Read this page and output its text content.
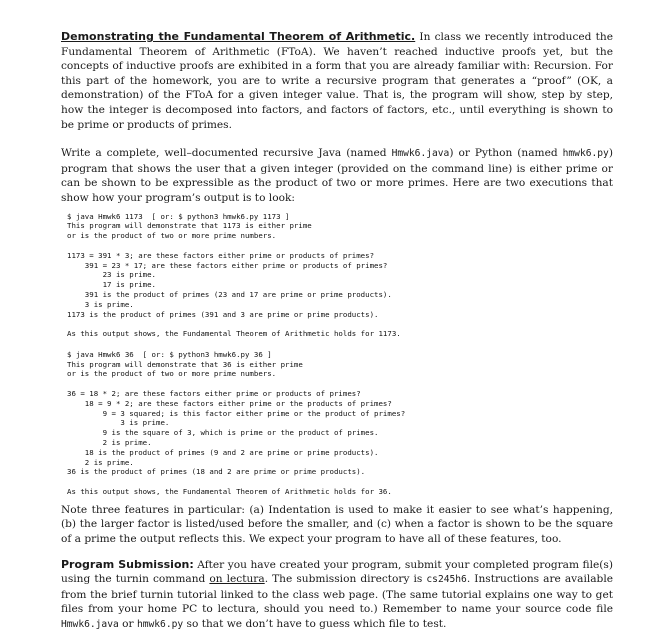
Demonstrating the Fundamental Theorem of Arithmetic. In class we recently introduced the Fundamental Theorem of Arithmetic (FToA). We haven’t reached inductive proofs yet, but the concepts of inductive proofs are exhibited in a form that you are already familiar with: Recursion. For this part of the homework, you are to write a recursive program that generates a “proof” (OK, a demonstration) of the FToA for a given integer value. That is, the program will show, step by step, how the integer is decomposed into factors, and factors of factors, etc., until everything is shown to be prime or products of primes.

Write a complete, well–documented recursive Java (named Hmwk6.java) or Python (named hmwk6.py) program that shows the user that a given integer (provided on the command line) is either prime or can be shown to be expressible as the product of two or more primes. Here are two executions that show how your program’s output is to look:

$ java Hmwk6 1173  [ or: $ python3 hmwk6.py 1173 ]
This program will demonstrate that 1173 is either prime
or is the product of two or more prime numbers.
1173 = 391 * 3; are these factors either prime or products of primes?
391 = 23 * 17; are these factors either prime or products of primes?
23 is prime.
17 is prime.
391 is the product of primes (23 and 17 are prime or prime products).
3 is prime.
1173 is the product of primes (391 and 3 are prime or prime products).
As this output shows, the Fundamental Theorem of Arithmetic holds for 1173.
$ java Hmwk6 36  [ or: $ python3 hmwk6.py 36 ]
This program will demonstrate that 36 is either prime
or is the product of two or more prime numbers.
36 = 18 * 2; are these factors either prime or products of primes?
18 = 9 * 2; are these factors either prime or the products of primes?
9 = 3 squared; is this factor either prime or the product of primes?
3 is prime.
9 is the square of 3, which is prime or the product of primes.
2 is prime.
18 is the product of primes (9 and 2 are prime or prime products).
2 is prime.
36 is the product of primes (18 and 2 are prime or prime products).
As this output shows, the Fundamental Theorem of Arithmetic holds for 36.

Note three features in particular: (a) Indentation is used to make it easier to see what’s happening, (b) the larger factor is listed/used before the smaller, and (c) when a factor is shown to be the square of a prime the output reflects this. We expect your program to have all of these features, too.

Program Submission: After you have created your program, submit your completed program file(s) using the turnin command on lectura. The submission directory is cs245h6. Instructions are available from the brief turnin tutorial linked to the class web page. (The same tutorial explains one way to get files from your home PC to lectura, should you need to.) Remember to name your source code file Hmwk6.java or hmwk6.py so that we don’t have to guess which file to test.
